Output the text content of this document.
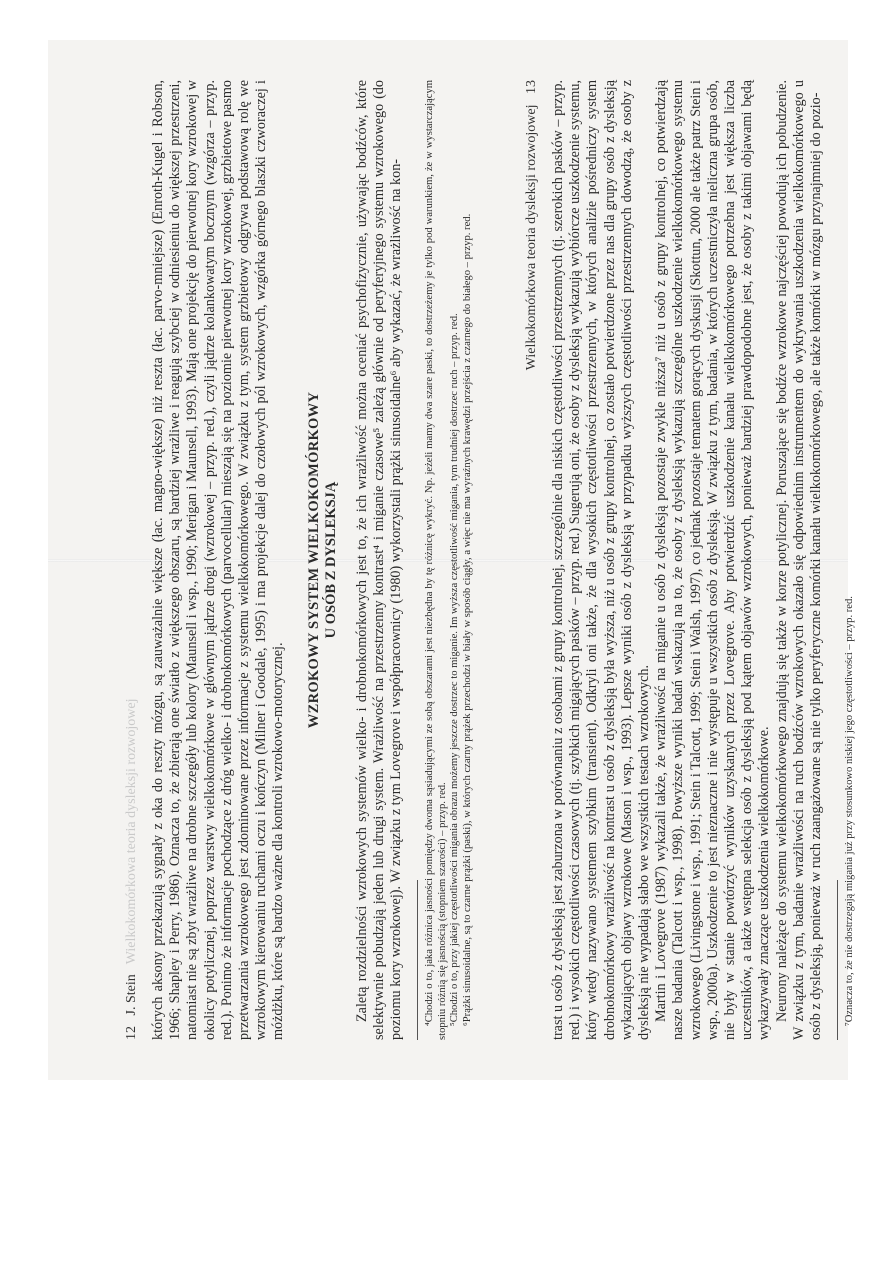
12   J. SteinWielkokomórkowa teoria dysleksji rozwojowej których aksony przekazują sygnały z oka do reszty mózgu, są zauważalnie większe (łac. magno-większe) niż reszta (łac. parvo-mniejsze) (Enroth-Kugel i Robson, 1966; Shapley i Perry, 1986). Oznacza to, że zbierają one światło z większego obszaru, są bardziej wrażliwe i reagują szybciej w odniesieniu do większej przestrzeni, natomiast nie są zbyt wrażliwe na drobne szczegóły lub kolory (Maunsell i wsp., 1990; Merigan i Maunsell, 1993). Mają one projekcję do pierwotnej kory wzrokowej w okolicy potylicznej, poprzez warstwy wielkokomórkowe w głównym jądrze drogi (wzrokowej – przyp. red.), czyli jądrze kolankowatym bocznym (wzgórza – przyp. red.). Ponimo że informacje pochodzące z dróg wielko- i drobnokomórkowych (parvocellular) mieszają się na poziomie pierwotnej kory wzrokowej, grzbietowe pasmo przetwarzania wzrokowego jest zdominowane przez informacje z systemu wielkokomórkowego. W związku z tym, system grzbietowy odgrywa podstawową rolę we wzrokowym kierowaniu ruchami oczu i kończyn (Milner i Goodale, 1995) i ma projekcje dalej do czołowych pól wzrokowych, wzgórka górnego blaszki czworaczej i móżdżku, które są bardzo ważne dla kontroli wzrokowo-motorycznej.

WZROKOWY SYSTEM WIELKOKOMÓRKOWY U OSÓB Z DYSLEKSJĄ Zaletą rozdzielności wzrokowych systemów wielko- i drobnokomórkowych jest to, że ich wrażliwość można oceniać psychofizycznie, używając bodźców, które selektywnie pobudzają jeden lub drugi system. Wrażliwość na przestrzenny kontrast⁴ i miganie czasowe⁵ zależą głównie od peryferyjnego systemu wzrokowego (do poziomu kory wzrokowej). W związku z tym Lovegrove i współpracownicy (1980) wykorzystali prążki sinusoidalne⁶ aby wykazać, że wrażliwość na kon- ⁴Chodzi o to, jaka różnica jasności pomiędzy dwoma sąsiadującymi ze sobą obszarami jest niezbędna by tę różnicę wykryć. Np. jeżeli mamy dwa szare paski, to dostrzeżemy je tylko pod warunkiem, że w wystarczającym stopniu różnią się jasnością (stopniem szarości) – przyp. red. ⁵Chodzi o to, przy jakiej częstotliwości migania obrazu możemy jeszcze dostrzec to miganie. Im wyższa częstotliwość migania, tym trudniej dostrzec ruch – przyp. red. ⁶Prążki sinusoidalne, są to czarne prążki (paski), w których czarny prążek przechodzi w biały w sposób ciągły, a więc nie ma wyraźnych krawędzi przejścia z czarnego do białego – przyp. red.	Wielkokomórkowa teoria dysleksji rozwojowej   13 trast u osób z dysleksją jest zaburzona w porównaniu z osobami z grupy kontrolnej, szczególnie dla niskich częstotliwości przestrzennych (tj. szerokich pasków – przyp. red.) i wysokich częstotliwości czasowych (tj. szybkich migających pasków – przyp. red.) Sugerują oni, że osoby z dysleksją wykazują wybiórcze uszkodzenie systemu, który wtedy nazywano systemem szybkim (transient). Odkryli oni także, że dla wysokich częstotliwości przestrzennych, w których analizie pośredniczy system drobnokomórkowy wrażliwość na kontrast u osób z dysleksją była wyższa, niż u osób z grupy kontrolnej, co zostało potwierdzone przez nas dla grupy osób z dysleksją wykazujących objawy wzrokowe (Mason i wsp., 1993). Lepsze wyniki osób z dysleksją w przypadku wyższych częstotliwości przestrzennych dowodzą, że osoby z dysleksją nie wypadają słabo we wszystkich testach wzrokowych. Martin i Lovegrove (1987) wykazali także, że wrażliwość na miganie u osób z dysleksją pozostaje zwykle niższa⁷ niż u osób z grupy kontrolnej, co potwierdzają nasze badania (Talcott i wsp., 1998). Powyższe wyniki badań wskazują na to, że osoby z dysleksją wykazują szczególne uszkodzenie wielkokomórkowego systemu wzrokowego (Livingstone i wsp., 1991; Stein i Talcott, 1999; Stein i Walsh, 1997), co jednak pozostaje tematem gorących dyskusji (Skottun, 2000 ale także patrz Stein i wsp., 2000a). Uszkodzenie to jest nieznaczne i nie występuje u wszystkich osób z dysleksją. W związku z tym, badania, w których uczestniczyła nieliczna grupa osób, nie były w stanie powtórzyć wyników uzyskanych przez Lovegrove. Aby potwierdzić uszkodzenie kanału wielkokomórkowego potrzebna jest większa liczba uczestników, a także wstępna selekcja osób z dysleksją pod kątem objawów wzrokowych, ponieważ bardziej prawdopodobne jest, że osoby z takimi objawami będą wykazywały znaczące uszkodzenia wielkokomórkowe. Neurony należące do systemu wielkokomórkowego znajdują się także w korze potylicznej. Poruszające się bodźce wzrokowe najczęściej powodują ich pobudzenie. W związku z tym, badanie wrażliwości na ruch bodźców wzrokowych okazało się odpowiednim instrumentem do wykrywania uszkodzenia wielkokomórkowego u osób z dysleksją, ponieważ w ruch zaangażowane są nie tylko peryferyczne komórki kanału wielkokomórkowego, ale także komórki w mózgu przynajmniej do pozio- ⁷Oznacza to, że nie dostrzegają migania już przy stosunkowo niskiej jego częstotliwości – przyp. red.
